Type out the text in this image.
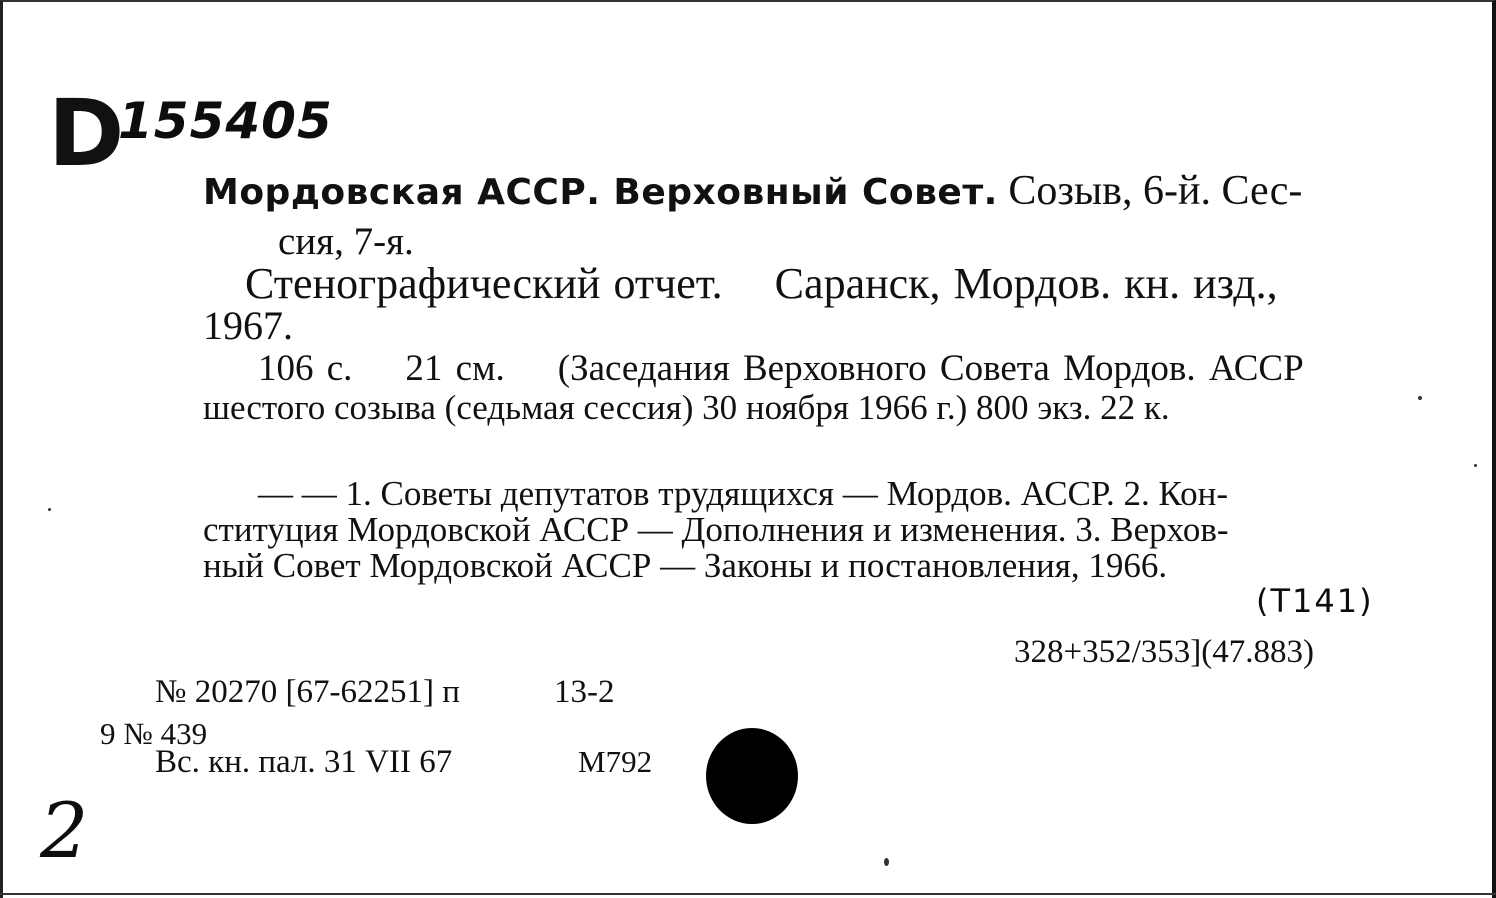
D
155405
Мордовская АССР. Верховный Совет. Созыв, 6-й. Сес-
сия, 7-я.
Стенографический отчет.    Саранск, Мордов. кн. изд.,
1967.
106 с.    21 см.    (Заседания Верховного Совета Мордов. АССР
шестого созыва (седьмая сессия) 30 ноября 1966 г.) 800 экз. 22 к.
— — 1. Советы депутатов трудящихся — Мордов. АССР. 2. Кон-
ституция Мордовской АССР — Дополнения и изменения. 3. Верхов-
ный Совет Мордовской АССР — Законы и постановления, 1966.
(Т141)
328+352/353](47.883)
№ 20270 [67-62251] п	13-2
9 № 439
Вс. кн. пал. 31 VII 67	М792
2
